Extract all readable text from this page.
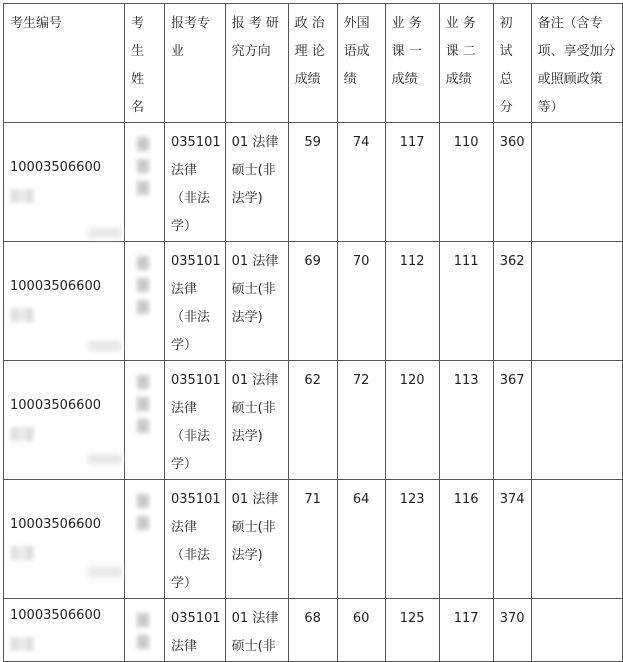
考生编号	考生姓名	报考专业	报 考 研 究方向	政 治 理 论 成绩	外国语成绩	业 务 课 一成绩	业 务 课 二成绩	初试总分	备注（含专项、享受加分或照顾政策等）
10003506600		035101 法律（非法学）	01 法律硕士(非法学)	59	74	117	110	360	
10003506600		035101 法律（非法学）	01 法律硕士(非法学)	69	70	112	111	362	
10003506600		035101 法律（非法学）	01 法律硕士(非法学)	62	72	120	113	367	
10003506600		035101 法律（非法学）	01 法律硕士(非法学)	71	64	123	116	374	
10003506600		035101 法律	01 法律硕士(非	68	60	125	117	370	
